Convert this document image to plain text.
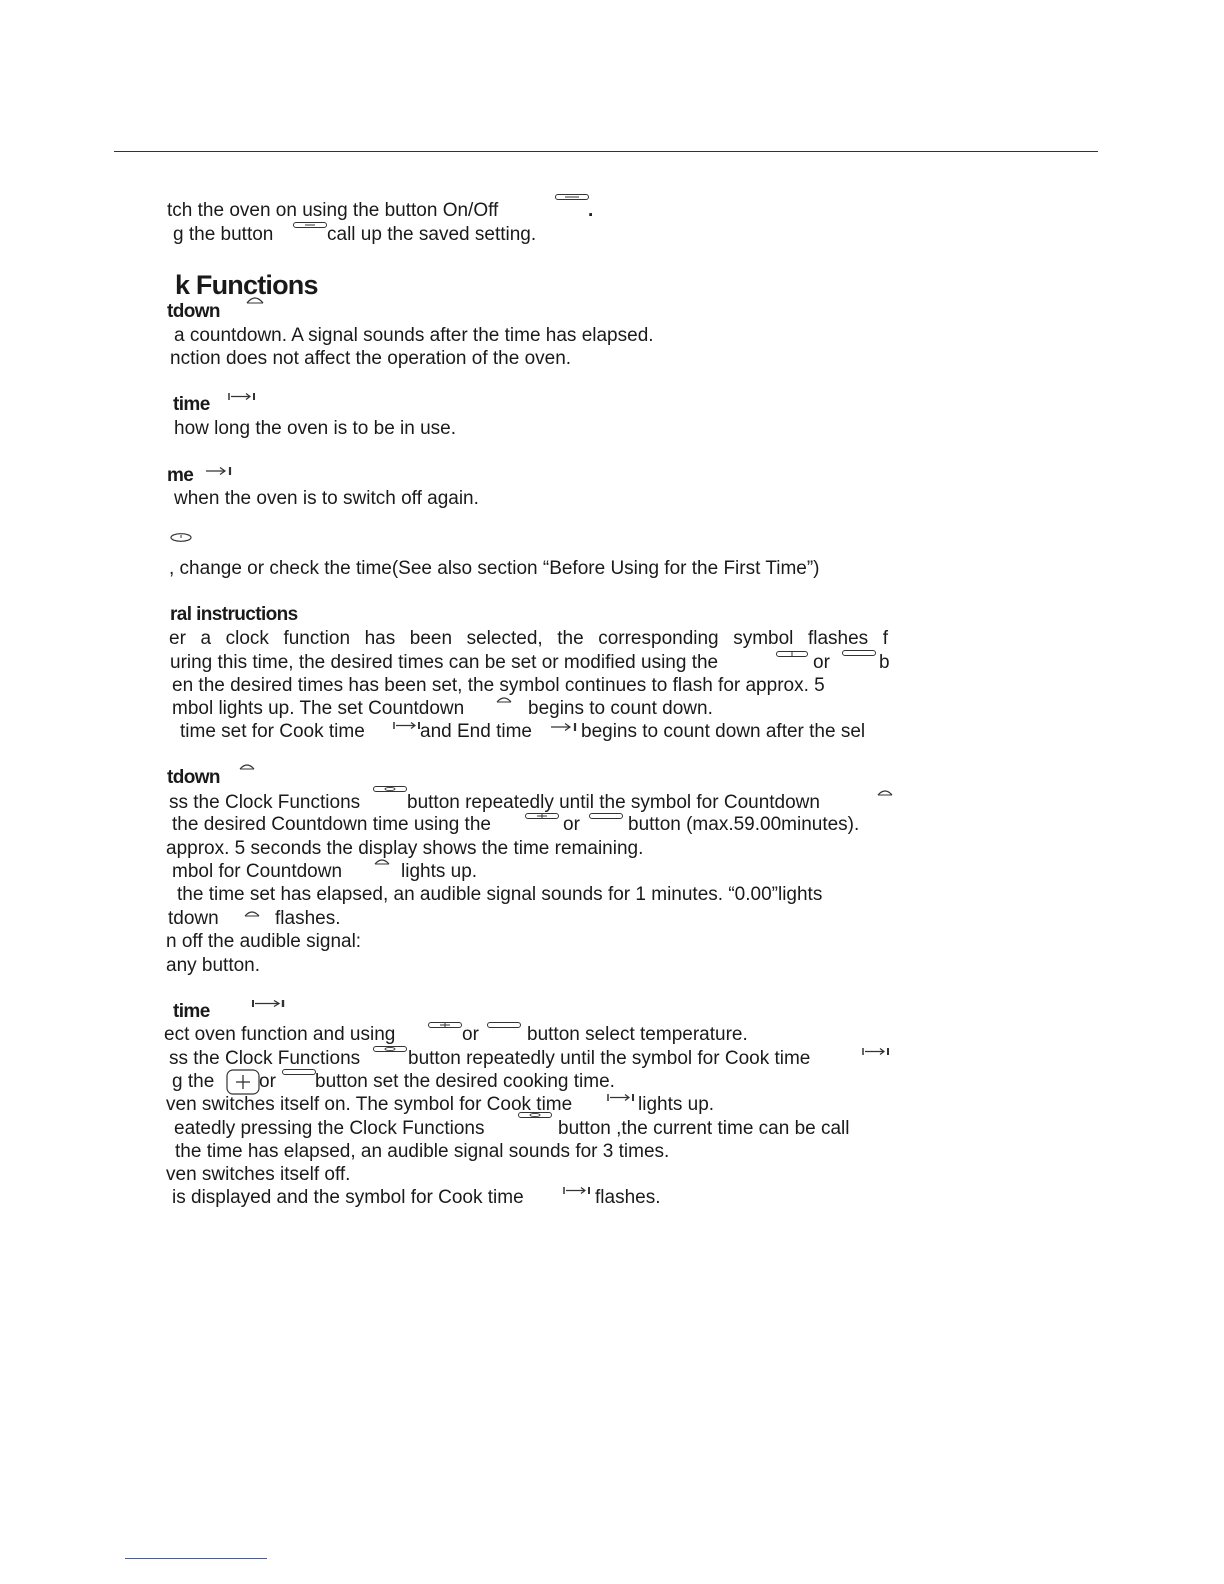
tch the oven on using the button On/Off	.
g the button	call up the saved setting.
k Functions
tdown
a countdown. A signal sounds after the time has elapsed.
nction does not affect the operation of the oven.
time
how long the oven is to be in use.
me
when the oven is to switch off again.
, change or check the time(See also section “Before Using for the First Time”)
ral instructions
er a clock function has been selected, the corresponding symbol flashes f
uring this time, the desired times can be set or modified using the	or	b
en the desired times has been set, the symbol continues to flash for approx. 5
mbol lights up. The set Countdown	begins to count down.
time set for Cook time	and End time	begins to count down after the sel
tdown
ss the Clock Functions button repeatedly until the symbol for Countdown
the desired Countdown time using the	or	button (max.59.00minutes).
approx. 5 seconds the display shows the time remaining.
mbol for Countdown	lights up.
the time set has elapsed, an audible signal sounds for 1 minutes. “0.00”lights
tdown	flashes.
n off the audible signal:
any button.
time
ect oven function and using	or	button select temperature.
ss the Clock Functions	button repeatedly until the symbol for Cook time
g the or button set the desired cooking time.
ven switches itself on. The symbol for Cook time	lights up.
eatedly pressing the Clock Functions	button ,the current time can be call
the time has elapsed, an audible signal sounds for 3 times.
ven switches itself off.
is displayed and the symbol for Cook time	flashes.
